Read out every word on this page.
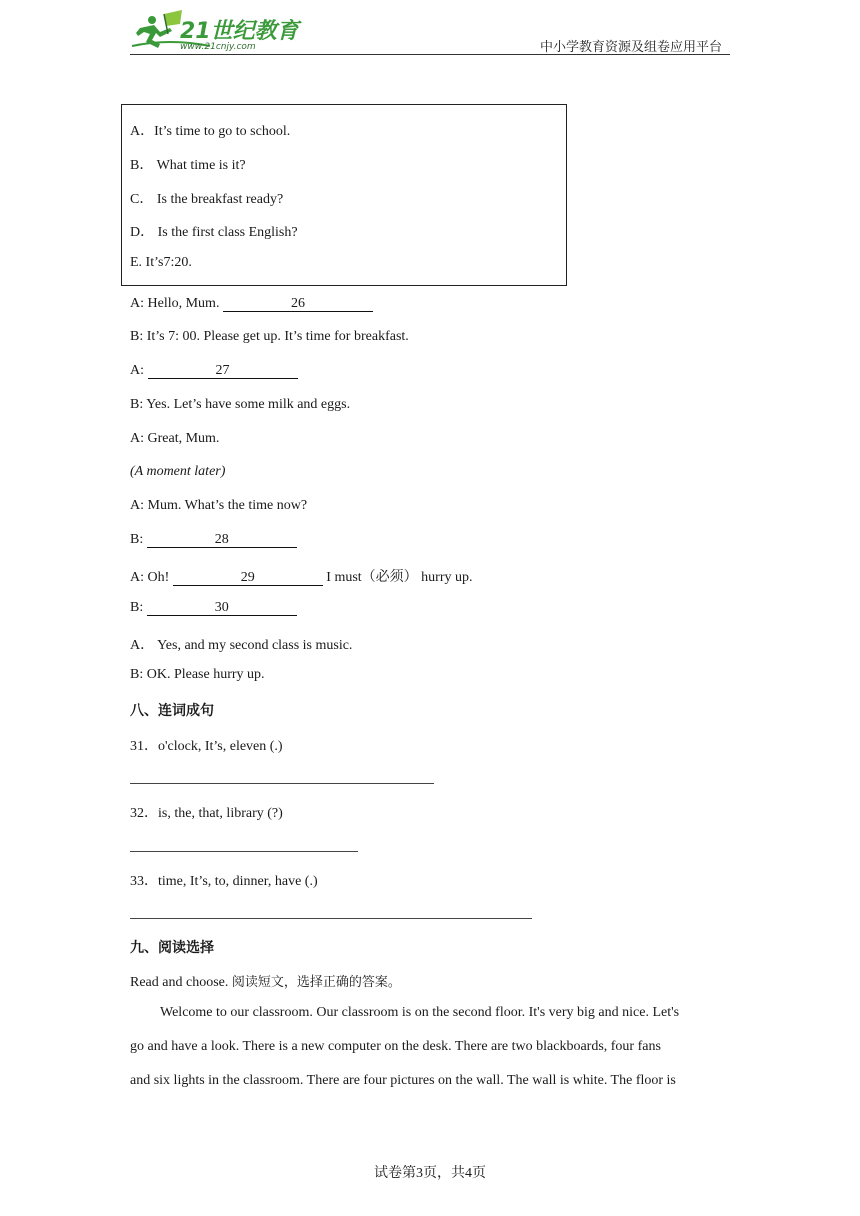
21世纪教育
www.21cnjy.com	中小学教育资源及组卷应用平台
A．It’s time to go to school.
B． What time is it?
C． Is the breakfast ready?
D． Is the first class English?
E. It’s7:20.
A: Hello, Mum.	26
B: It’s 7: 00. Please get up. It’s time for breakfast.
A:	27
B: Yes. Let’s have some milk and eggs.
A: Great, Mum.
(A moment later)
A: Mum. What’s the time now?
B:	28
A: Oh!	29	I must（必须） hurry up.
B:	30
A． Yes, and my second class is music.
B: OK. Please hurry up.
八、连词成句
31．o'clock, It’s, eleven (.)
32．is, the, that, library (?)
33．time, It’s, to, dinner, have (.)
九、阅读选择
Read and choose. 阅读短文，选择正确的答案。
Welcome to our classroom. Our classroom is on the second floor. It's very big and nice. Let's
go and have a look. There is a new computer on the desk. There are two blackboards, four fans
and six lights in the classroom. There are four pictures on the wall. The wall is white. The floor is
试卷第3页，共4页
